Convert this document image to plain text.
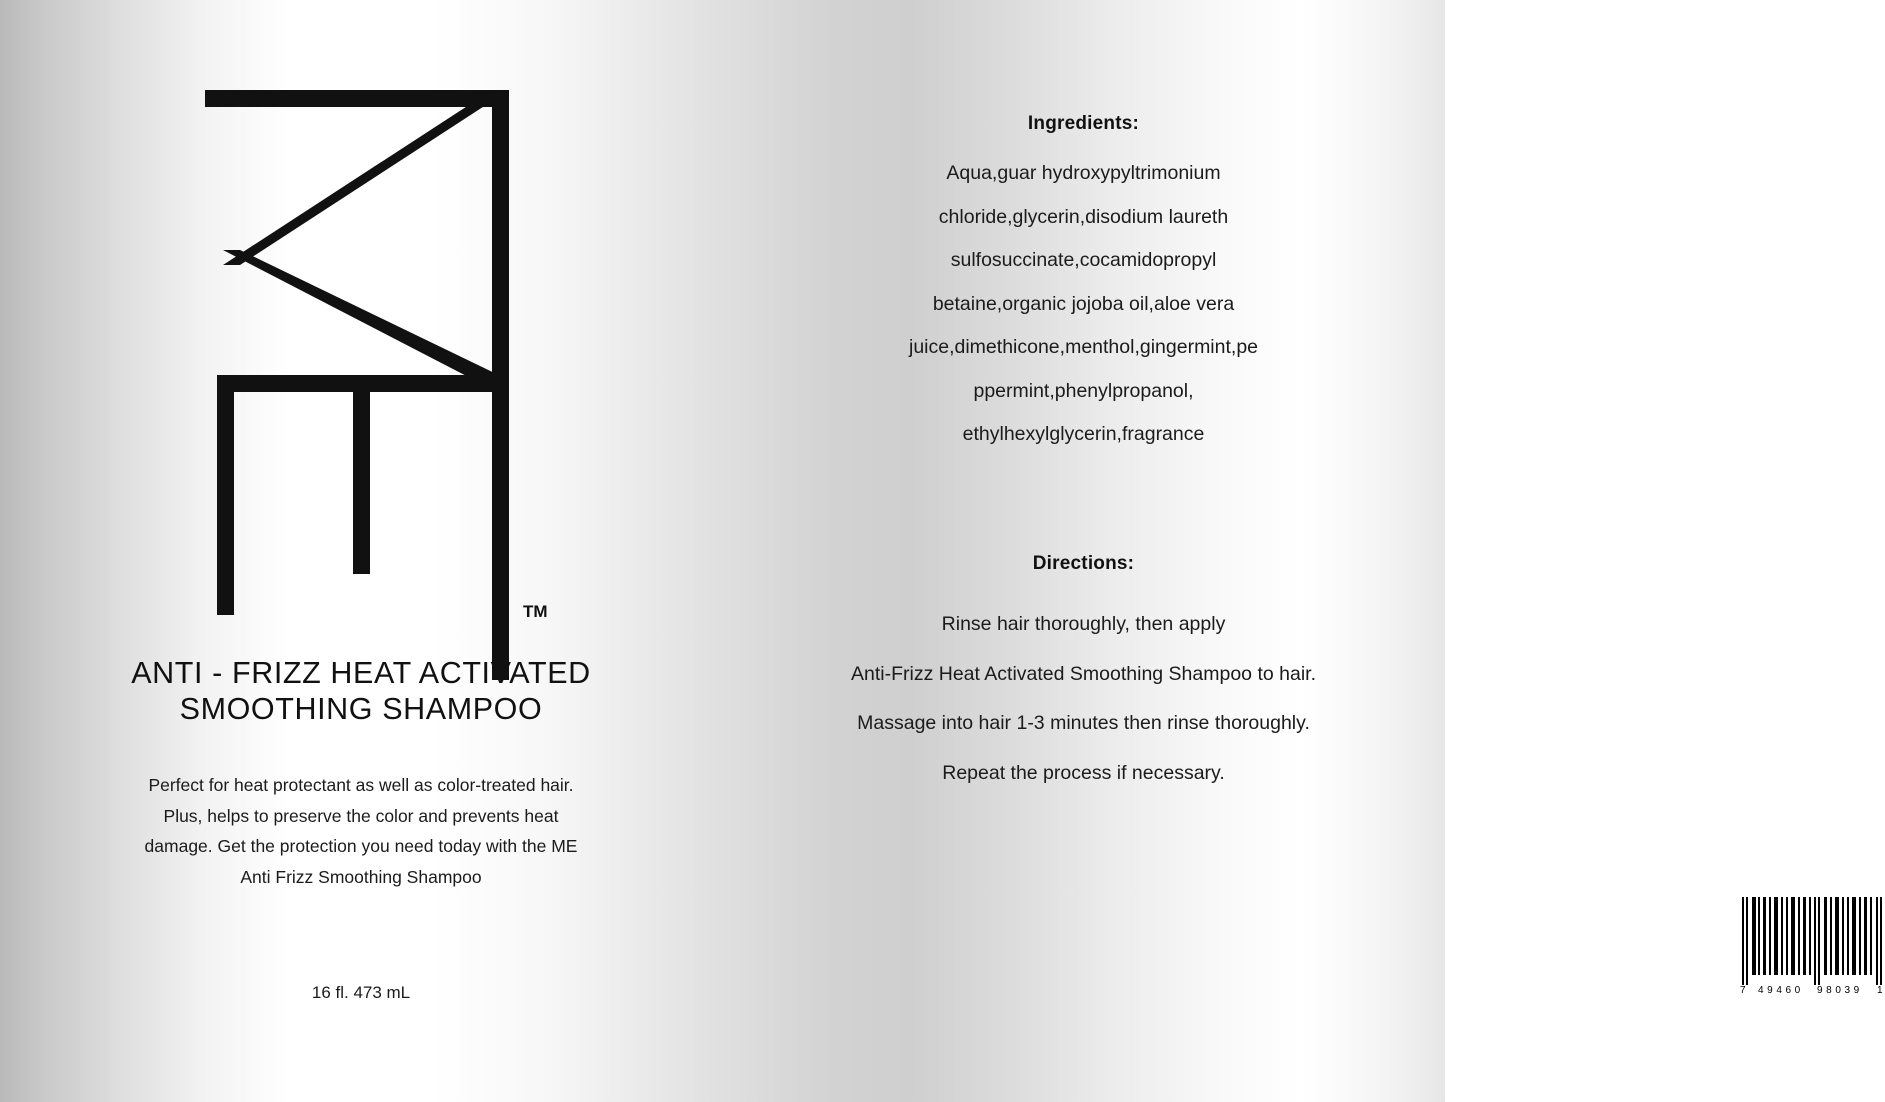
TM
ANTI - FRIZZ HEAT ACTIVATED SMOOTHING SHAMPOO
Perfect for heat protectant as well as color-treated hair. Plus, helps to preserve the color and prevents heat damage. Get the protection you need today with the ME Anti Frizz Smoothing Shampoo
16 fl. 473 mL
Ingredients:
Aqua,guar hydroxypyltrimonium
chloride,glycerin,disodium laureth
sulfosuccinate,cocamidopropyl
betaine,organic jojoba oil,aloe vera
juice,dimethicone,menthol,gingermint,pe
ppermint,phenylpropanol,
ethylhexylglycerin,fragrance
Directions:
Rinse hair thoroughly, then apply
Anti-Frizz Heat Activated Smoothing Shampoo to hair.
Massage into hair 1-3 minutes then rinse thoroughly.
Repeat the process if necessary.
7 49460 98039 1
